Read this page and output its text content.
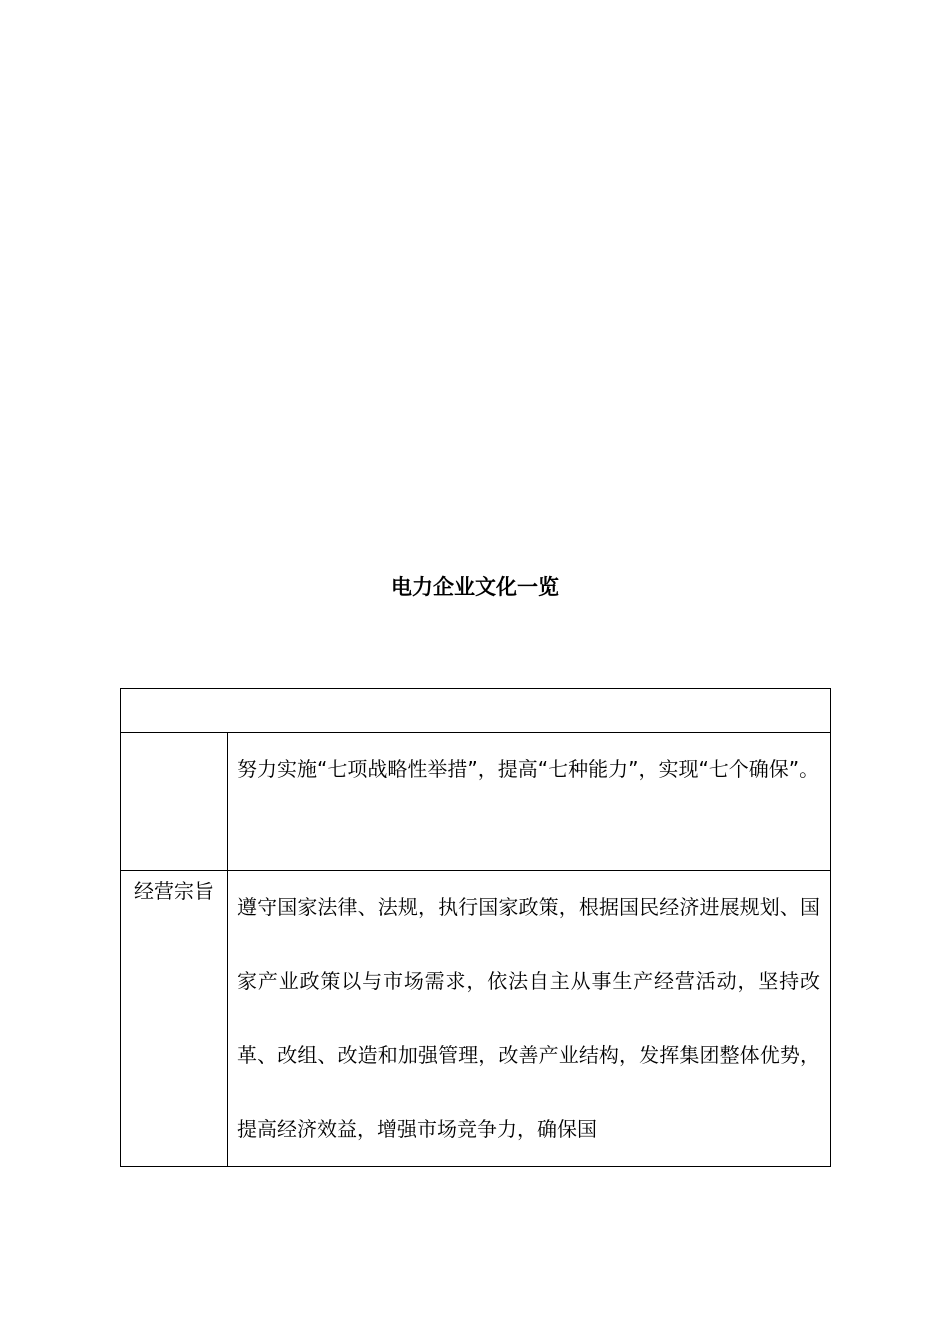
电力企业文化一览

	努力实施“七项战略性举措”，提高“七种能力”，实现“七个确保”。

经营宗旨	遵守国家法律、法规，执行国家政策，根据国民经济进展规划、国家产业政策以与市场需求，依法自主从事生产经营活动，坚持改革、改组、改造和加强管理，改善产业结构，发挥集团整体优势，提高经济效益，增强市场竞争力，确保国
